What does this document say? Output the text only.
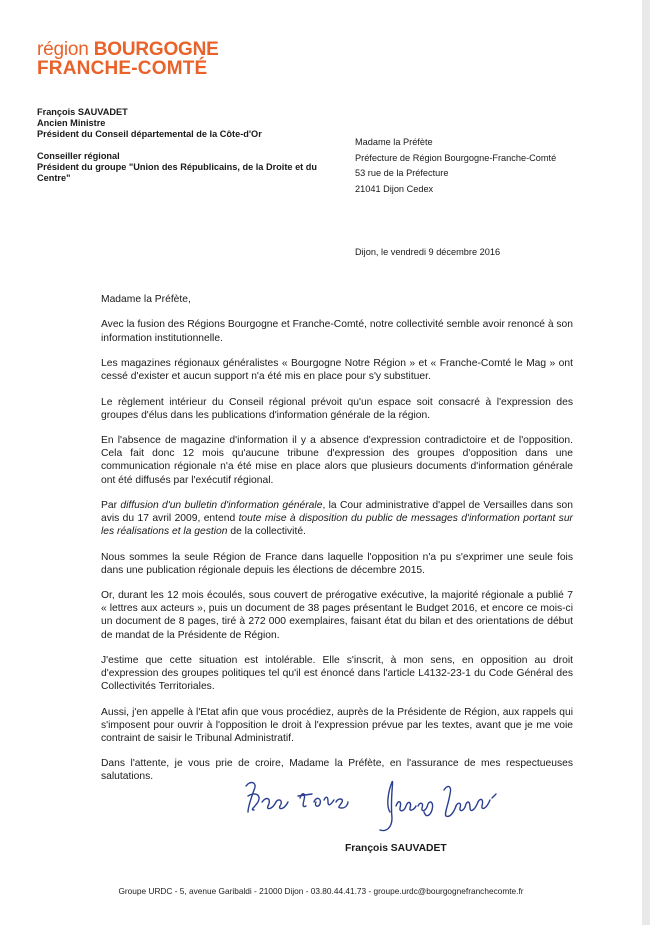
région BOURGOGNE
FRANCHE-COMTÉ
François SAUVADET
Ancien Ministre
Président du Conseil départemental de la Côte-d'Or
Conseiller régional
Président du groupe "Union des Républicains, de la Droite et du Centre"
Madame la Préfète
Préfecture de Région Bourgogne-Franche-Comté
53 rue de la Préfecture
21041 Dijon Cedex
Dijon, le vendredi 9 décembre 2016

Madame la Préfète,

Avec la fusion des Régions Bourgogne et Franche-Comté, notre collectivité semble avoir renoncé à son information institutionnelle.

Les magazines régionaux généralistes « Bourgogne Notre Région » et « Franche-Comté le Mag » ont cessé d'exister et aucun support n'a été mis en place pour s'y substituer.

Le règlement intérieur du Conseil régional prévoit qu'un espace soit consacré à l'expression des groupes d'élus dans les publications d'information générale de la région.

En l'absence de magazine d'information il y a absence d'expression contradictoire et de l'opposition. Cela fait donc 12 mois qu'aucune tribune d'expression des groupes d'opposition dans une communication régionale n'a été mise en place alors que plusieurs documents d'information générale ont été diffusés par l'exécutif régional.

Par diffusion d'un bulletin d'information générale, la Cour administrative d'appel de Versailles dans son avis du 17 avril 2009, entend toute mise à disposition du public de messages d'information portant sur les réalisations et la gestion de la collectivité.

Nous sommes la seule Région de France dans laquelle l'opposition n'a pu s'exprimer une seule fois dans une publication régionale depuis les élections de décembre 2015.

Or, durant les 12 mois écoulés, sous couvert de prérogative exécutive, la majorité régionale a publié 7 « lettres aux acteurs », puis un document de 38 pages présentant le Budget 2016, et encore ce mois-ci un document de 8 pages, tiré à 272 000 exemplaires, faisant état du bilan et des orientations de début de mandat de la Présidente de Région.

J'estime que cette situation est intolérable. Elle s'inscrit, à mon sens, en opposition au droit d'expression des groupes politiques tel qu'il est énoncé dans l'article L4132-23-1 du Code Général des Collectivités Territoriales.

Aussi, j'en appelle à l'Etat afin que vous procédiez, auprès de la Présidente de Région, aux rappels qui s'imposent pour ouvrir à l'opposition le droit à l'expression prévue par les textes, avant que je me voie contraint de saisir le Tribunal Administratif.

Dans l'attente, je vous prie de croire, Madame la Préfète, en l'assurance de mes respectueuses salutations.

François SAUVADET
Groupe URDC - 5, avenue Garibaldi - 21000 Dijon - 03.80.44.41.73 - groupe.urdc@bourgognefranchecomte.fr
